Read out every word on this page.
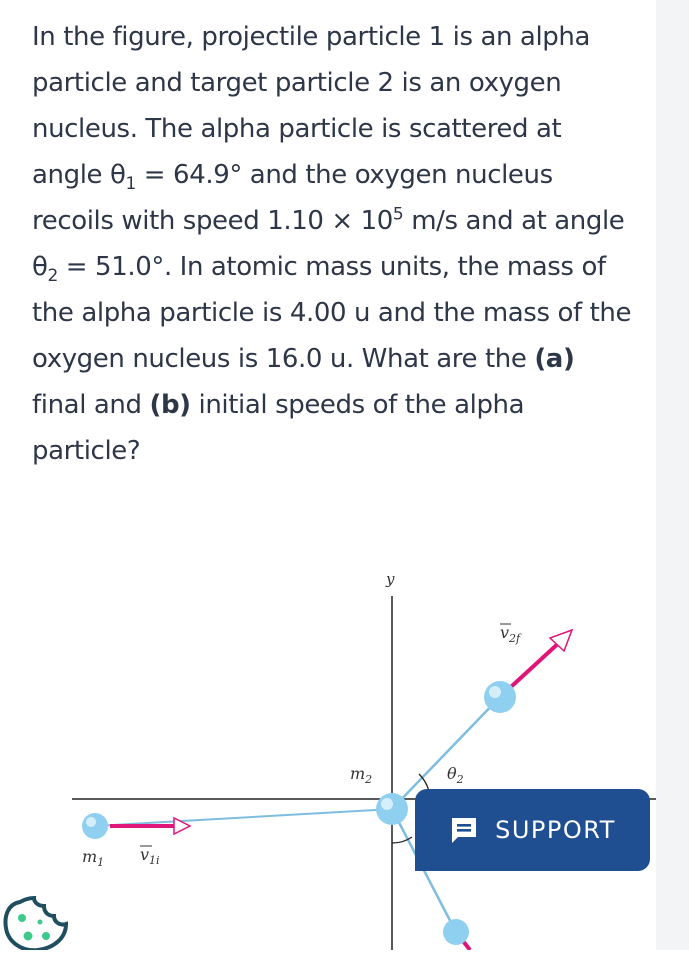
In the figure, projectile particle 1 is an alpha particle and target particle 2 is an oxygen nucleus. The alpha particle is scattered at angle $\theta_1 = 64.9^\circ$ and the oxygen nucleus recoils with speed $1.10 \times 10^5$ m/s and at angle $\theta_2 = 51.0^\circ$. In atomic mass units, the mass of the alpha particle is 4.00 u and the mass of the oxygen nucleus is 16.0 u. What are the (a) final and (b) initial speeds of the alpha particle?
y
$v_{2f}$
$m_2$	$\theta_2$
$m_1$ $v_{1i}$
SUPPORT
